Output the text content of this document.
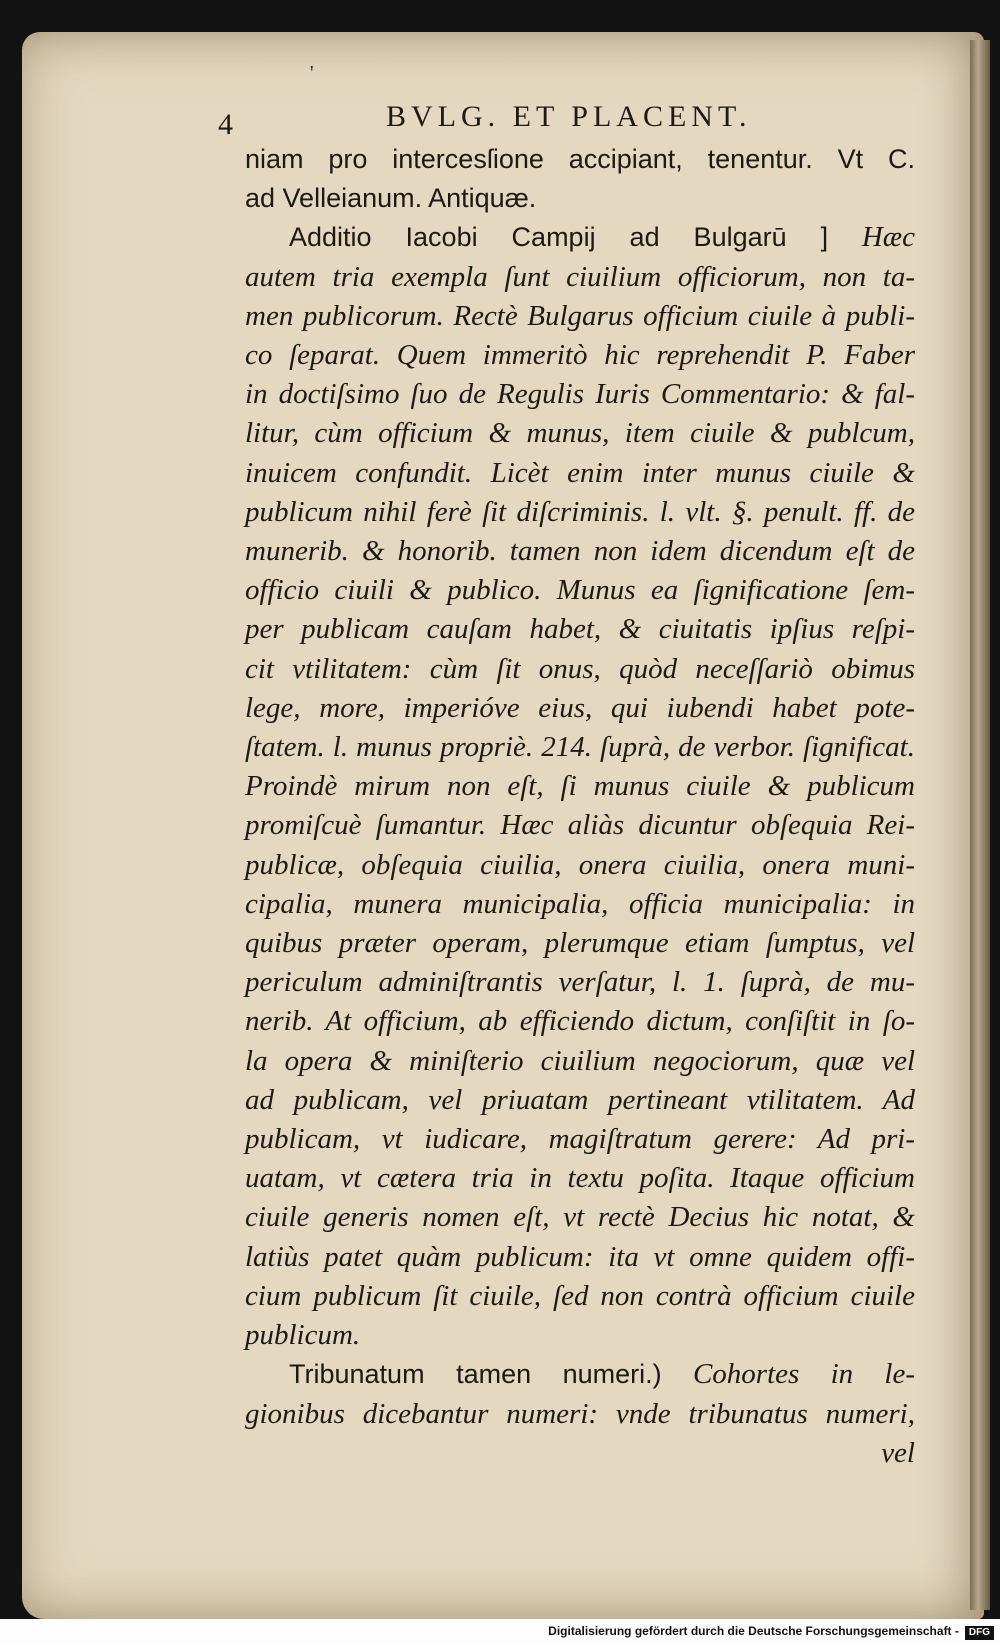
'
4	BVLG. ET PLACENT.
niam pro intercesſione accipiant, tenentur. Vt C.
ad Velleianum. Antiquæ.
Additio Iacobi Campij ad Bulgarū ] Hæc
autem tria exempla ſunt ciuilium officiorum, non ta-
men publicorum. Rectè Bulgarus officium ciuile à publi-
co ſeparat. Quem immeritò hic reprehendit P. Faber
in doctiſsimo ſuo de Regulis Iuris Commentario: & fal-
litur, cùm officium & munus, item ciuile & publcum,
inuicem confundit. Licèt enim inter munus ciuile &
publicum nihil ferè ſit diſcriminis. l. vlt. §. penult. ff. de
munerib. & honorib. tamen non idem dicendum eſt de
officio ciuili & publico. Munus ea ſignificatione ſem-
per publicam cauſam habet, & ciuitatis ipſius reſpi-
cit vtilitatem: cùm ſit onus, quòd neceſſariò obimus
lege, more, imperióve eius, qui iubendi habet pote-
ſtatem. l. munus propriè. 214. ſuprà, de verbor. ſignificat.
Proindè mirum non eſt, ſi munus ciuile & publicum
promiſcuè ſumantur. Hæc aliàs dicuntur obſequia Rei-
publicæ, obſequia ciuilia, onera ciuilia, onera muni-
cipalia, munera municipalia, officia municipalia: in
quibus præter operam, plerumque etiam ſumptus, vel
periculum adminiſtrantis verſatur, l. 1. ſuprà, de mu-
nerib. At officium, ab efficiendo dictum, conſiſtit in ſo-
la opera & miniſterio ciuilium negociorum, quæ vel
ad publicam, vel priuatam pertineant vtilitatem. Ad
publicam, vt iudicare, magiſtratum gerere: Ad pri-
uatam, vt cætera tria in textu poſita. Itaque officium
ciuile generis nomen eſt, vt rectè Decius hic notat, &
latiùs patet quàm publicum: ita vt omne quidem offi-
cium publicum ſit ciuile, ſed non contrà officium ciuile
publicum.
Tribunatum tamen numeri.) Cohortes in le-
gionibus dicebantur numeri: vnde tribunatus numeri,
vel
Digitalisierung gefördert durch die Deutsche Forschungsgemeinschaft - DFG
